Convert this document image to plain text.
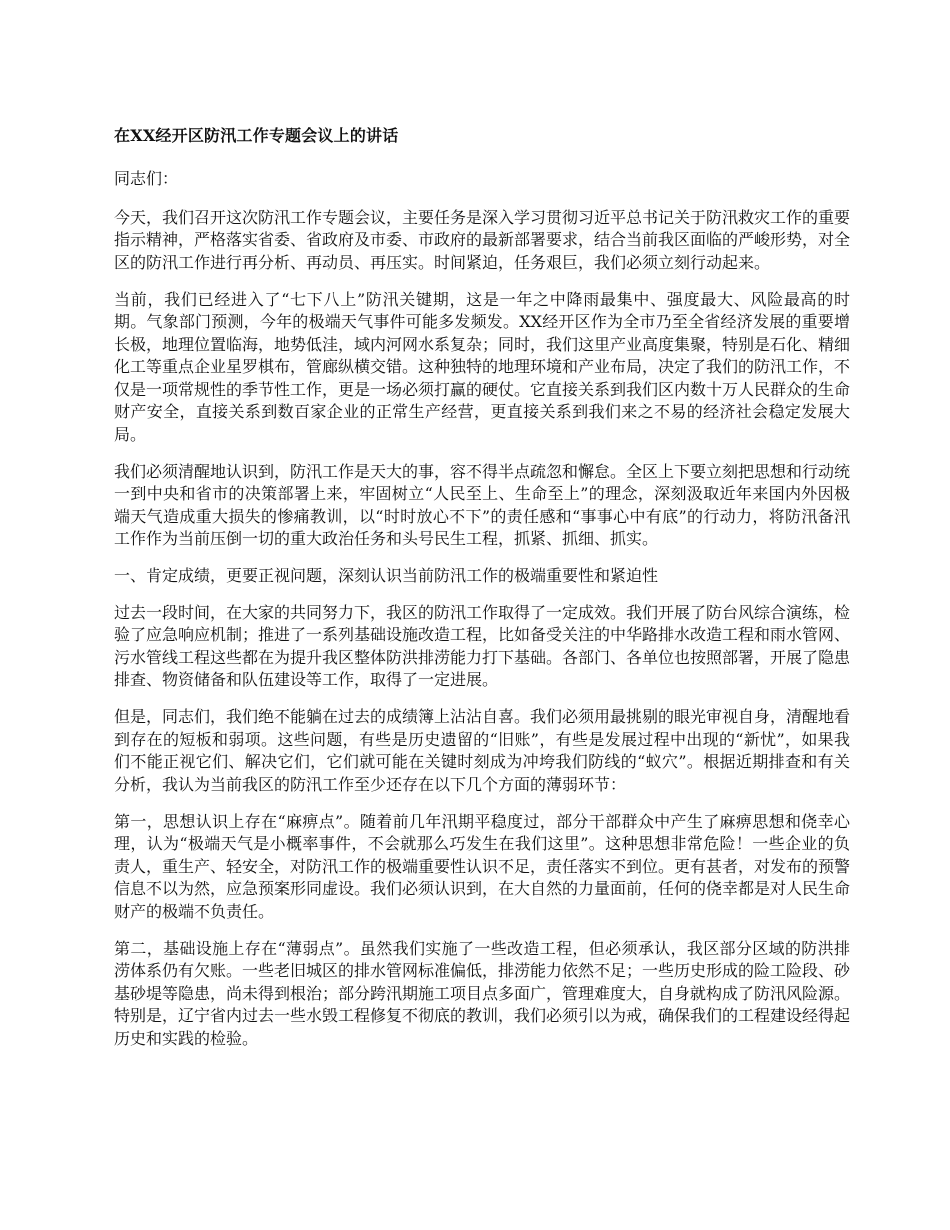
在XX经开区防汛工作专题会议上的讲话

同志们：

今天，我们召开这次防汛工作专题会议，主要任务是深入学习贯彻习近平总书记关于防汛救灾工作的重要指示精神，严格落实省委、省政府及市委、市政府的最新部署要求，结合当前我区面临的严峻形势，对全区的防汛工作进行再分析、再动员、再压实。时间紧迫，任务艰巨，我们必须立刻行动起来。

当前，我们已经进入了“七下八上”防汛关键期，这是一年之中降雨最集中、强度最大、风险最高的时期。气象部门预测，今年的极端天气事件可能多发频发。XX经开区作为全市乃至全省经济发展的重要增长极，地理位置临海，地势低洼，域内河网水系复杂；同时，我们这里产业高度集聚，特别是石化、精细化工等重点企业星罗棋布，管廊纵横交错。这种独特的地理环境和产业布局，决定了我们的防汛工作，不仅是一项常规性的季节性工作，更是一场必须打赢的硬仗。它直接关系到我们区内数十万人民群众的生命财产安全，直接关系到数百家企业的正常生产经营，更直接关系到我们来之不易的经济社会稳定发展大局。

我们必须清醒地认识到，防汛工作是天大的事，容不得半点疏忽和懈怠。全区上下要立刻把思想和行动统一到中央和省市的决策部署上来，牢固树立“人民至上、生命至上”的理念，深刻汲取近年来国内外因极端天气造成重大损失的惨痛教训，以“时时放心不下”的责任感和“事事心中有底”的行动力，将防汛备汛工作作为当前压倒一切的重大政治任务和头号民生工程，抓紧、抓细、抓实。

一、肯定成绩，更要正视问题，深刻认识当前防汛工作的极端重要性和紧迫性

过去一段时间，在大家的共同努力下，我区的防汛工作取得了一定成效。我们开展了防台风综合演练，检验了应急响应机制；推进了一系列基础设施改造工程，比如备受关注的中华路排水改造工程和雨水管网、污水管线工程这些都在为提升我区整体防洪排涝能力打下基础。各部门、各单位也按照部署，开展了隐患排查、物资储备和队伍建设等工作，取得了一定进展。

但是，同志们，我们绝不能躺在过去的成绩簿上沾沾自喜。我们必须用最挑剔的眼光审视自身，清醒地看到存在的短板和弱项。这些问题，有些是历史遗留的“旧账”，有些是发展过程中出现的“新忧”，如果我们不能正视它们、解决它们，它们就可能在关键时刻成为冲垮我们防线的“蚁穴”。根据近期排查和有关分析，我认为当前我区的防汛工作至少还存在以下几个方面的薄弱环节：

第一，思想认识上存在“麻痹点”。随着前几年汛期平稳度过，部分干部群众中产生了麻痹思想和侥幸心理，认为“极端天气是小概率事件，不会就那么巧发生在我们这里”。这种思想非常危险！一些企业的负责人，重生产、轻安全，对防汛工作的极端重要性认识不足，责任落实不到位。更有甚者，对发布的预警信息不以为然，应急预案形同虚设。我们必须认识到，在大自然的力量面前，任何的侥幸都是对人民生命财产的极端不负责任。

第二，基础设施上存在“薄弱点”。虽然我们实施了一些改造工程，但必须承认，我区部分区域的防洪排涝体系仍有欠账。一些老旧城区的排水管网标准偏低，排涝能力依然不足；一些历史形成的险工险段、砂基砂堤等隐患，尚未得到根治；部分跨汛期施工项目点多面广，管理难度大，自身就构成了防汛风险源。特别是，辽宁省内过去一些水毁工程修复不彻底的教训，我们必须引以为戒，确保我们的工程建设经得起历史和实践的检验。
